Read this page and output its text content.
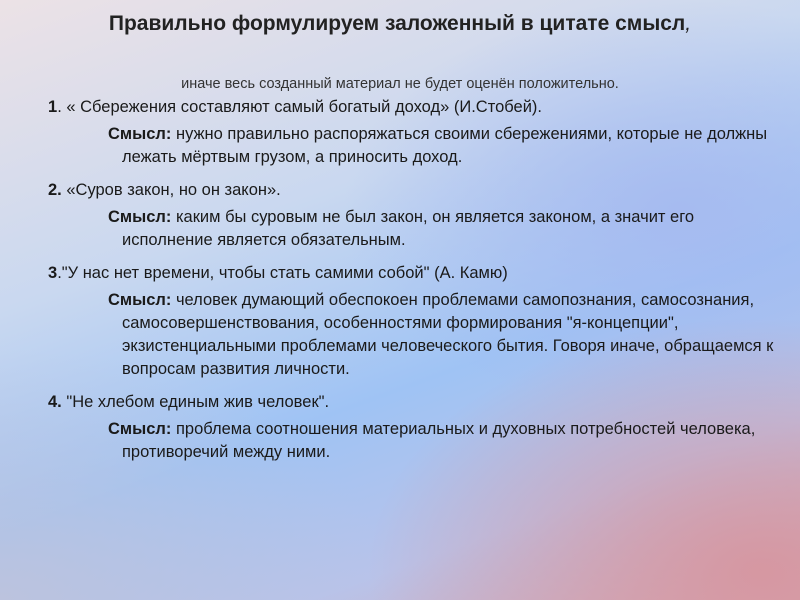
Правильно формулируем заложенный в цитате смысл,
иначе весь созданный материал не будет оценён положительно.
1. « Сбережения составляют самый богатый доход» (И.Стобей).
Смысл: нужно правильно распоряжаться своими сбережениями, которые не должны лежать мёртвым грузом, а приносить доход.
2. «Суров закон, но он закон».
Смысл: каким бы суровым не был закон, он является законом, а значит его исполнение является обязательным.
3."У нас нет времени, чтобы стать самими собой" (А. Камю)
Смысл: человек думающий обеспокоен проблемами самопознания, самосознания, самосовершенствования, особенностями формирования "я-концепции", экзистенциальными проблемами человеческого бытия. Говоря иначе, обращаемся к вопросам развития личности.
4. "Не хлебом единым жив человек".
Смысл: проблема соотношения материальных и духовных потребностей человека, противоречий между ними.
